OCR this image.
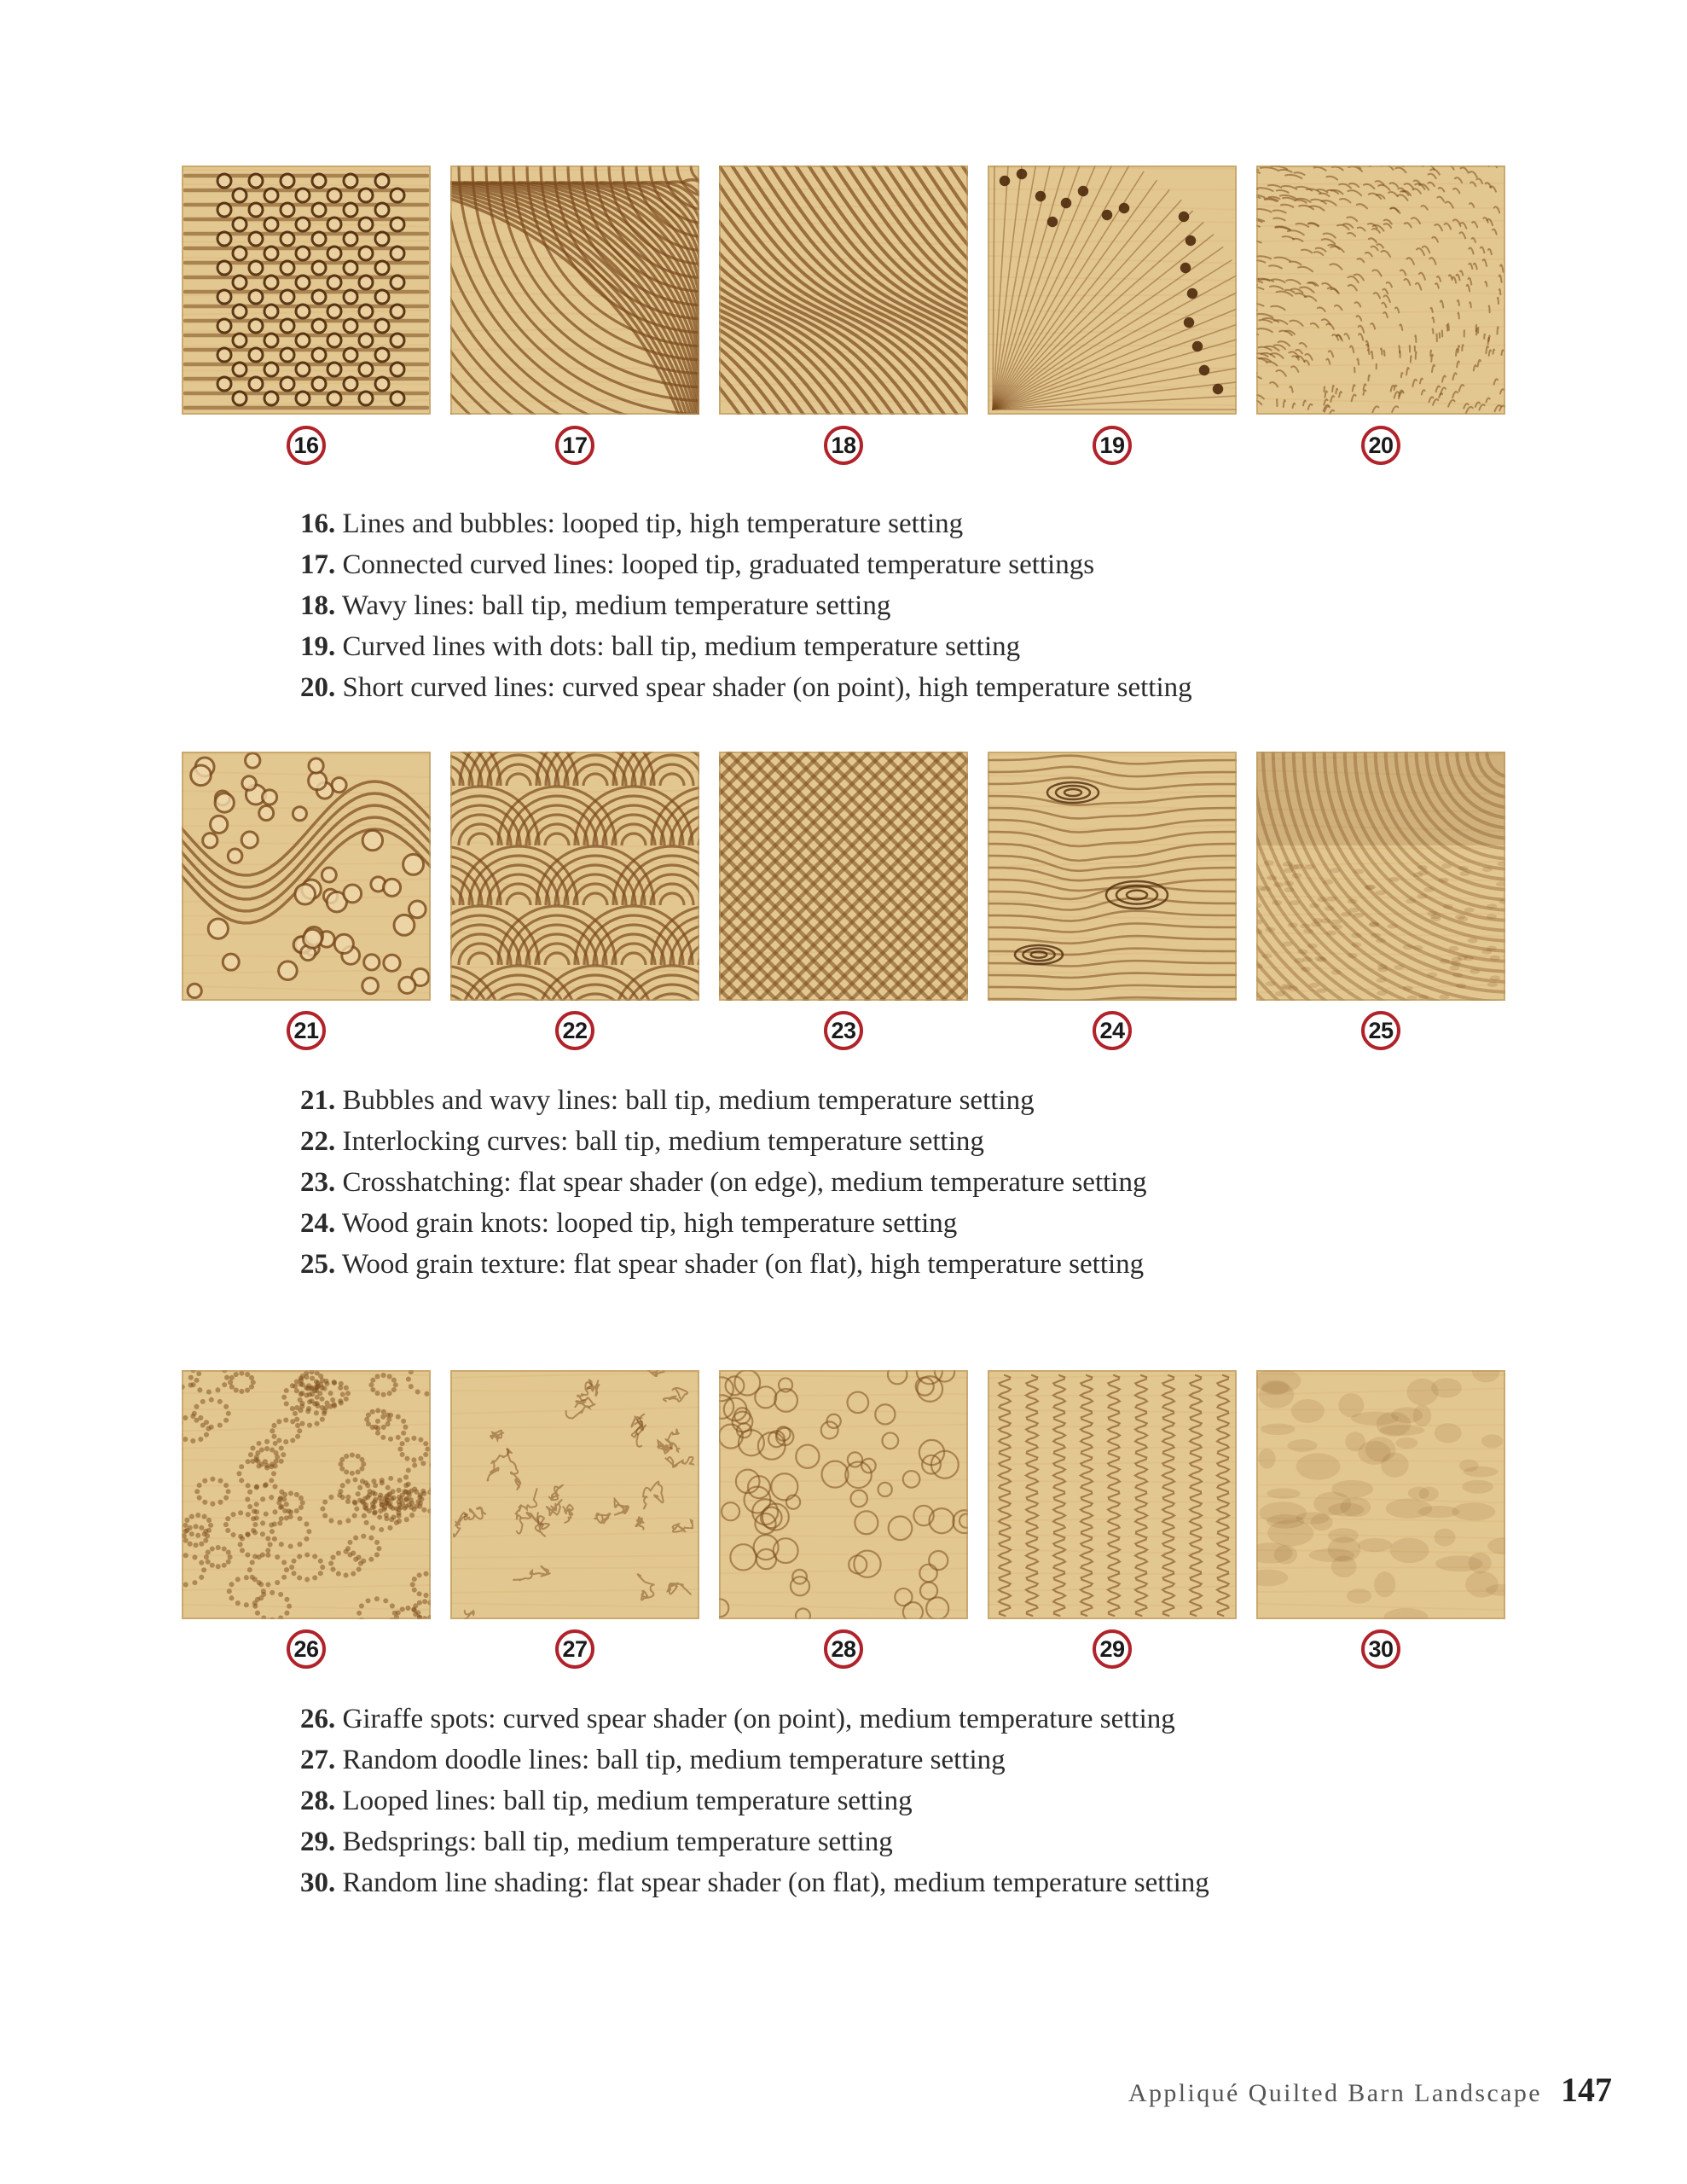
16	17	18	19	20
16. Lines and bubbles: looped tip, high temperature setting
17. Connected curved lines: looped tip, graduated temperature settings
18. Wavy lines: ball tip, medium temperature setting
19. Curved lines with dots: ball tip, medium temperature setting
20. Short curved lines: curved spear shader (on point), high temperature setting
21	22	23	24	25
21. Bubbles and wavy lines: ball tip, medium temperature setting
22. Interlocking curves: ball tip, medium temperature setting
23. Crosshatching: flat spear shader (on edge), medium temperature setting
24. Wood grain knots: looped tip, high temperature setting
25. Wood grain texture: flat spear shader (on flat), high temperature setting
26	27	28	29	30
26. Giraffe spots: curved spear shader (on point), medium temperature setting
27. Random doodle lines: ball tip, medium temperature setting
28. Looped lines: ball tip, medium temperature setting
29. Bedsprings: ball tip, medium temperature setting
30. Random line shading: flat spear shader (on flat), medium temperature setting
Appliqué Quilted Barn Landscape 147
